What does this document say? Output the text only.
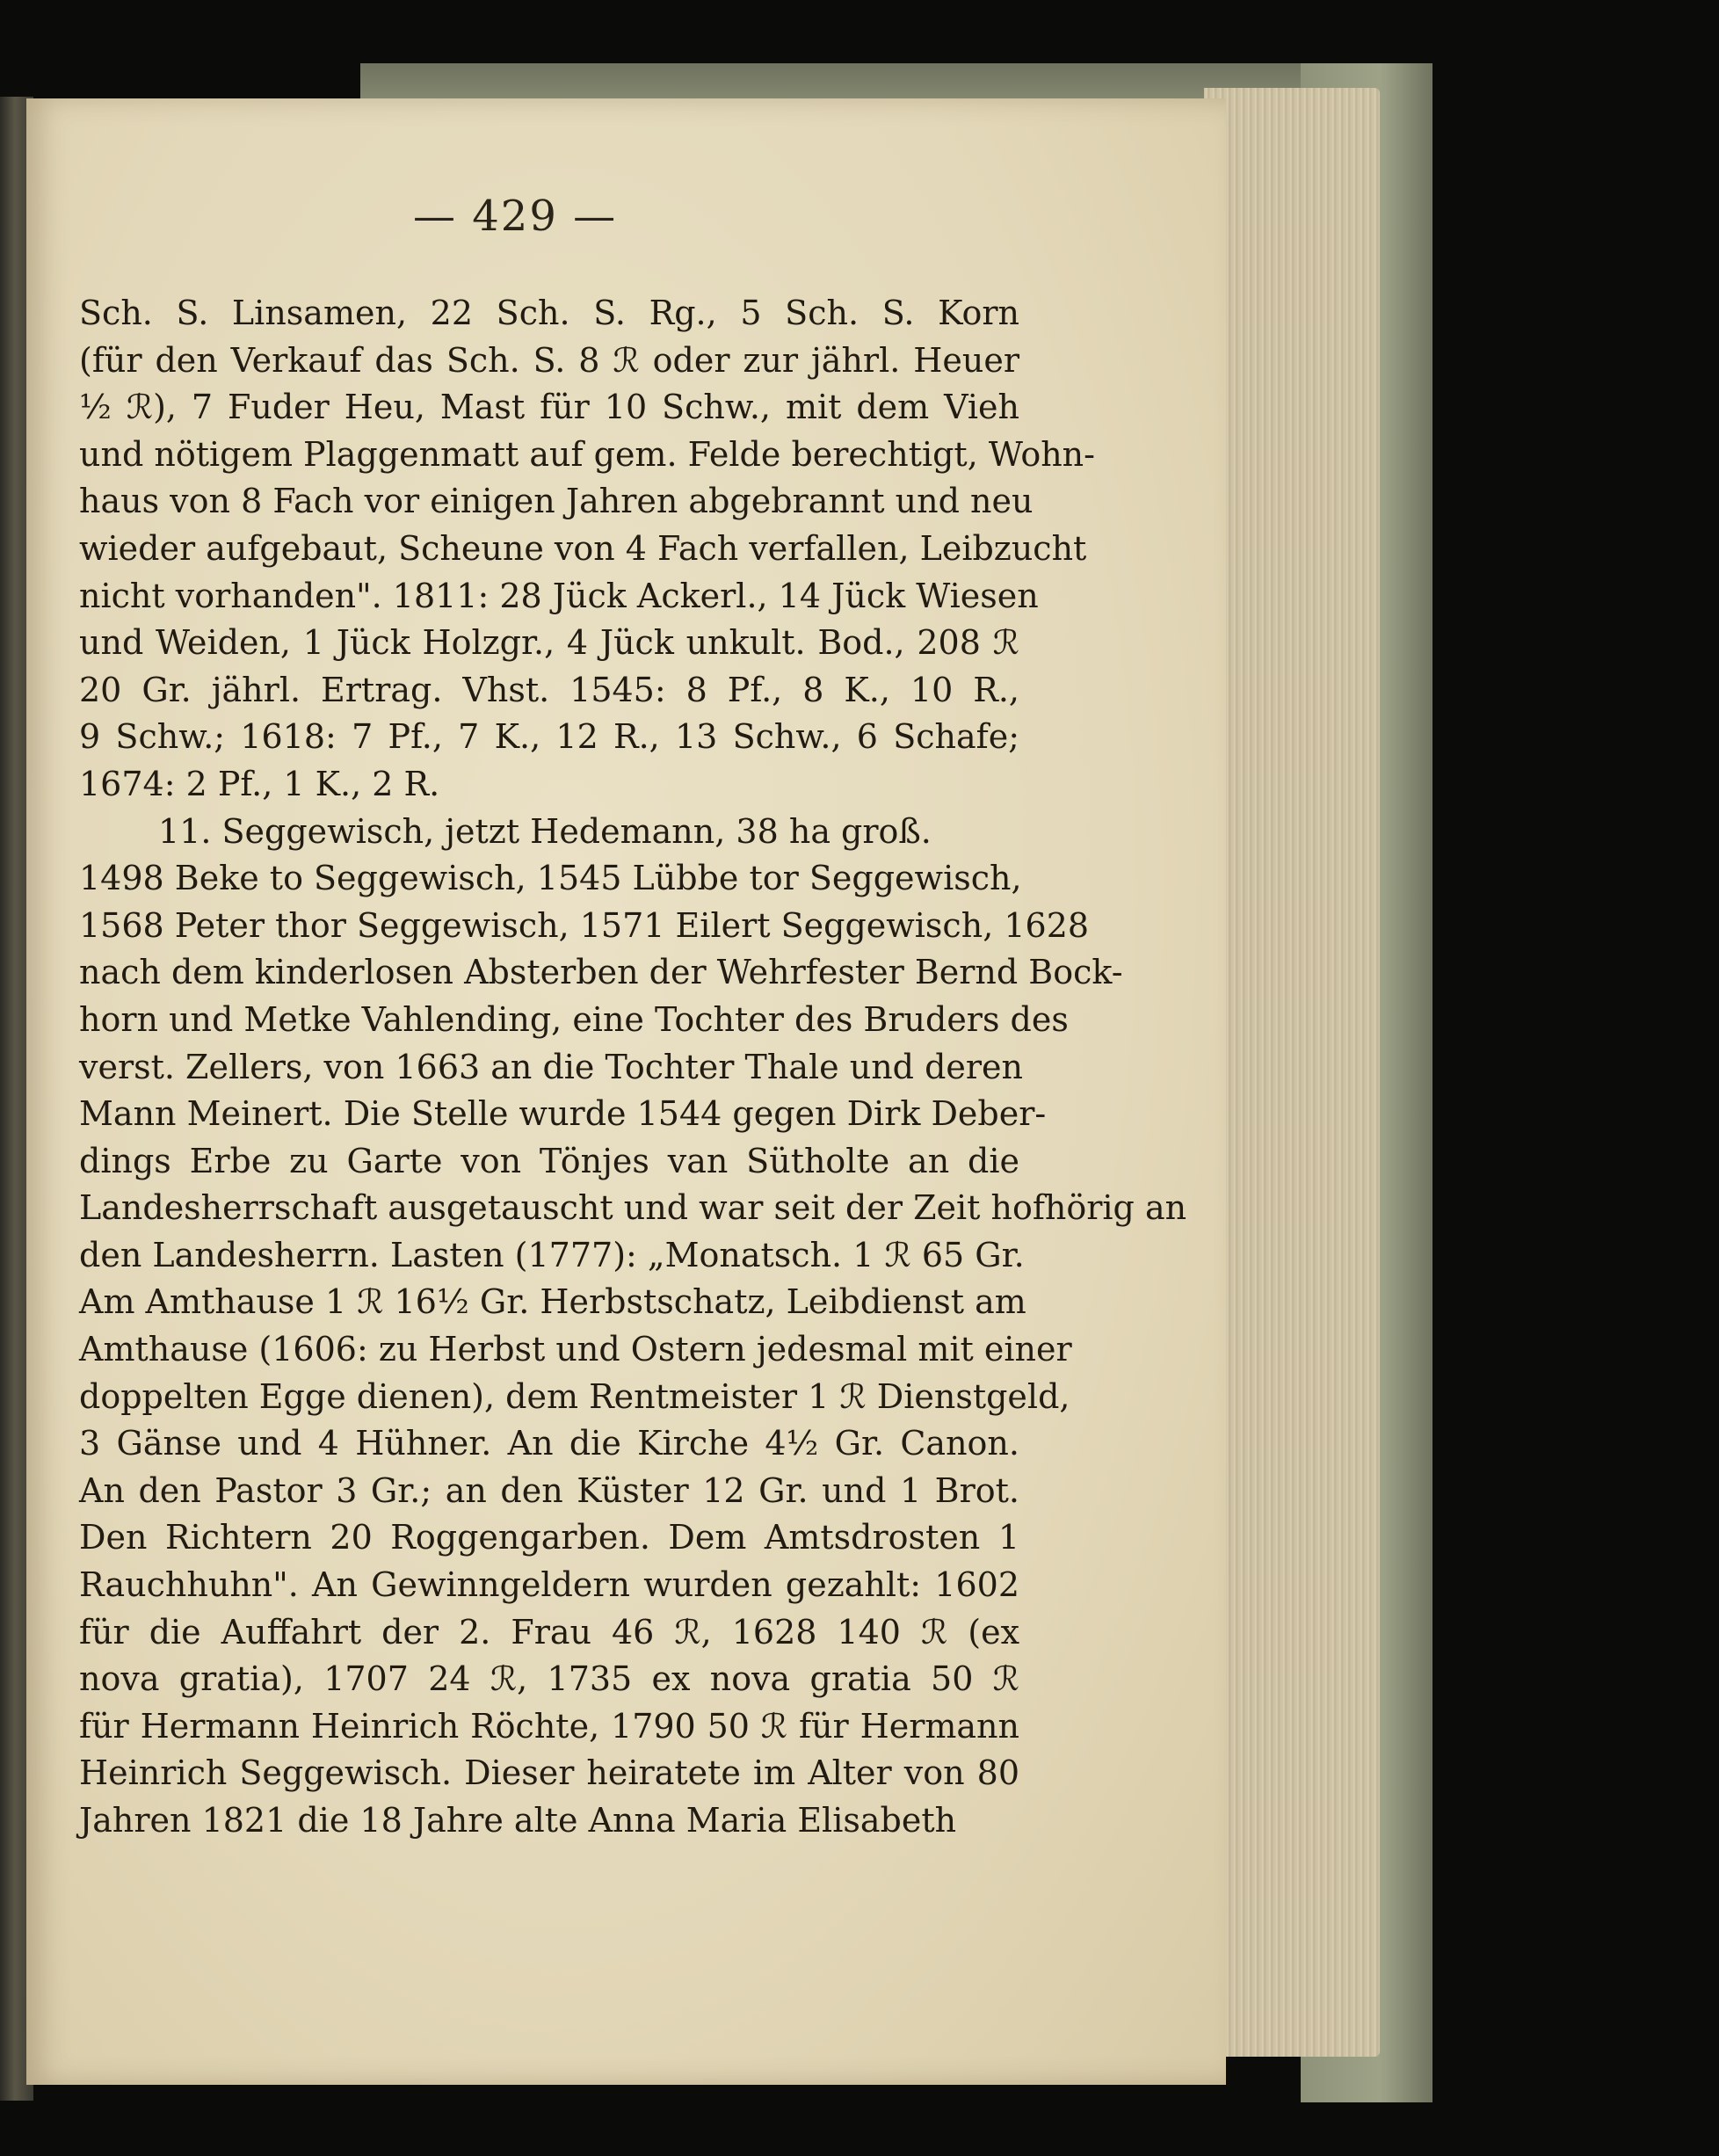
— 429 —
Sch. S. Linsamen, 22 Sch. S. Rg., 5 Sch. S. Korn
(für den Verkauf das Sch. S. 8 ℛ oder zur jährl. Heuer
½ ℛ), 7 Fuder Heu, Mast für 10 Schw., mit dem Vieh
und nötigem Plaggenmatt auf gem. Felde berechtigt, Wohn-
haus von 8 Fach vor einigen Jahren abgebrannt und neu
wieder aufgebaut, Scheune von 4 Fach verfallen, Leibzucht
nicht vorhanden". 1811: 28 Jück Ackerl., 14 Jück Wiesen
und Weiden, 1 Jück Holzgr., 4 Jück unkult. Bod., 208 ℛ
20 Gr. jährl. Ertrag. Vhst. 1545: 8 Pf., 8 K., 10 R.,
9 Schw.; 1618: 7 Pf., 7 K., 12 R., 13 Schw., 6 Schafe;
1674: 2 Pf., 1 K., 2 R.
11. Seggewisch, jetzt Hedemann, 38 ha groß.
1498 Beke to Seggewisch, 1545 Lübbe tor Seggewisch,
1568 Peter thor Seggewisch, 1571 Eilert Seggewisch, 1628
nach dem kinderlosen Absterben der Wehrfester Bernd Bock-
horn und Metke Vahlending, eine Tochter des Bruders des
verst. Zellers, von 1663 an die Tochter Thale und deren
Mann Meinert. Die Stelle wurde 1544 gegen Dirk Deber-
dings Erbe zu Garte von Tönjes van Sütholte an die
Landesherrschaft ausgetauscht und war seit der Zeit hofhörig an
den Landesherrn. Lasten (1777): „Monatsch. 1 ℛ 65 Gr.
Am Amthause 1 ℛ 16½ Gr. Herbstschatz, Leibdienst am
Amthause (1606: zu Herbst und Ostern jedesmal mit einer
doppelten Egge dienen), dem Rentmeister 1 ℛ Dienstgeld,
3 Gänse und 4 Hühner. An die Kirche 4½ Gr. Canon.
An den Pastor 3 Gr.; an den Küster 12 Gr. und 1 Brot.
Den Richtern 20 Roggengarben. Dem Amtsdrosten 1
Rauchhuhn". An Gewinngeldern wurden gezahlt: 1602
für die Auffahrt der 2. Frau 46 ℛ, 1628 140 ℛ (ex
nova gratia), 1707 24 ℛ, 1735 ex nova gratia 50 ℛ
für Hermann Heinrich Röchte, 1790 50 ℛ für Hermann
Heinrich Seggewisch. Dieser heiratete im Alter von 80
Jahren 1821 die 18 Jahre alte Anna Maria Elisabeth
